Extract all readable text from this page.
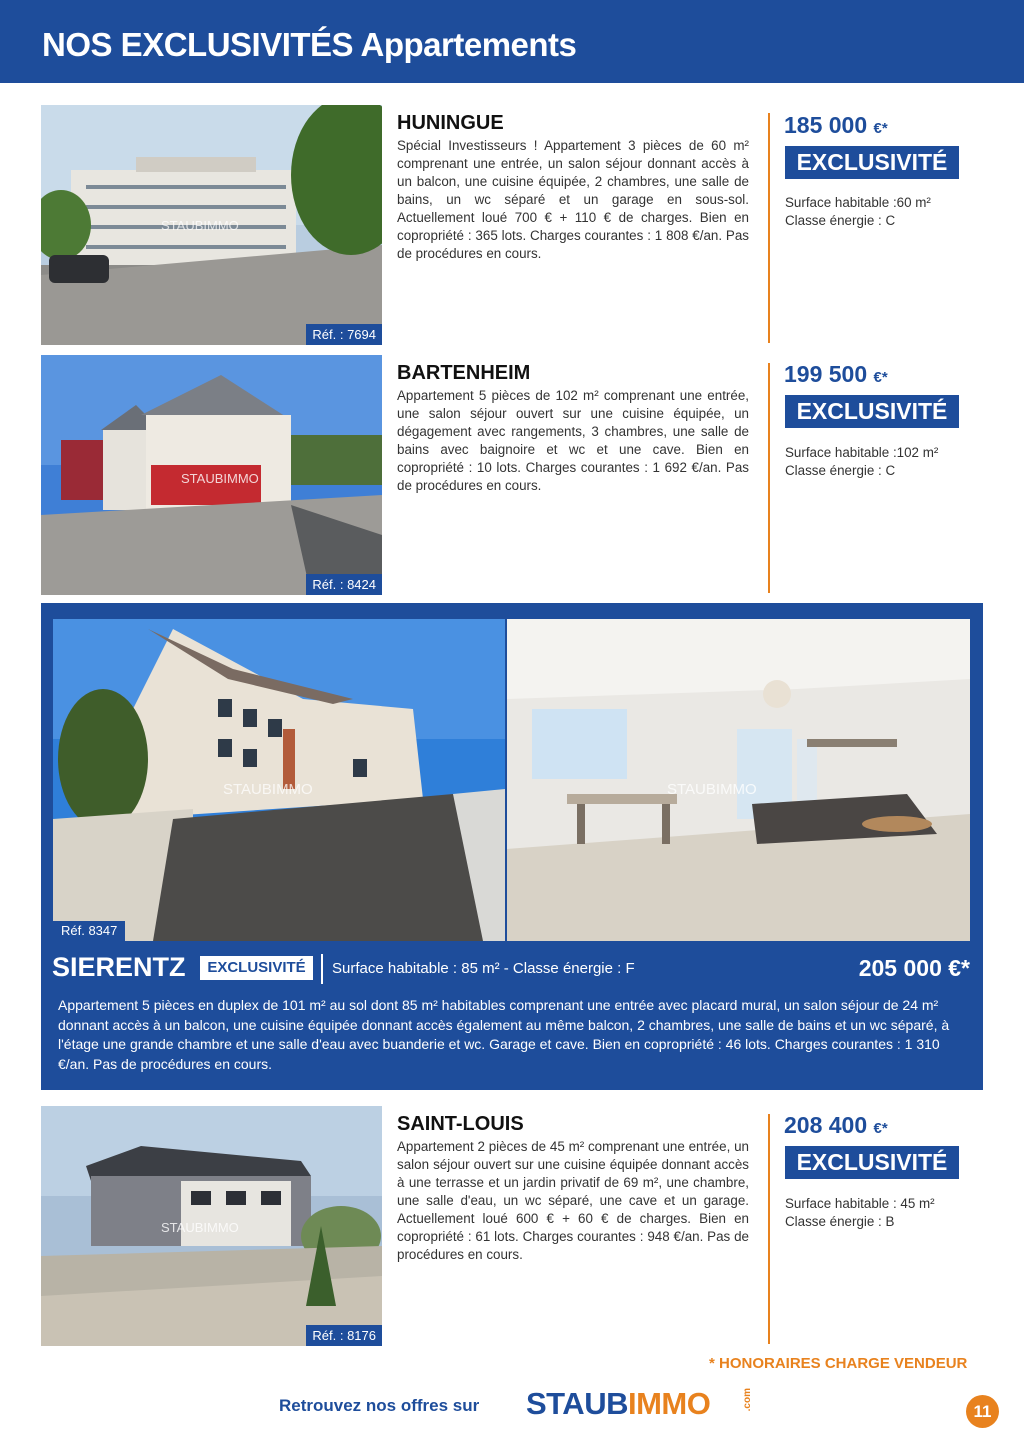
NOS EXCLUSIVITÉS Appartements
STAUBIMMO
Réf. : 7694
HUNINGUE
Spécial Investisseurs ! Appartement 3 pièces de 60 m² comprenant une entrée, un salon séjour donnant accès à un balcon, une cuisine équipée, 2 chambres, une salle de bains, un wc séparé et un garage en sous-sol. Actuellement loué 700 € + 110 € de charges. Bien en copropriété : 365 lots. Charges courantes : 1 808 €/an. Pas de procédures en cours.
185 000 €*
EXCLUSIVITÉ
Surface habitable :60 m²
Classe énergie : C
STAUBIMMO
Réf. : 8424
BARTENHEIM
Appartement 5 pièces de 102 m² comprenant une entrée, une salon séjour ouvert sur une cuisine équipée, un dégagement avec rangements, 3 chambres, une salle de bains avec baignoire et wc et une cave. Bien en copropriété : 10 lots. Charges courantes : 1 692 €/an. Pas de procédures en cours.
199 500 €*
EXCLUSIVITÉ
Surface habitable :102 m²
Classe énergie : C
STAUBIMMO	STAUBIMMO
Réf. 8347
SIERENTZ	EXCLUSIVITÉ	Surface habitable : 85 m² - Classe énergie : F	205 000 €*
Appartement 5 pièces en duplex de 101 m² au sol dont 85 m² habitables comprenant une entrée avec placard mural, un salon séjour de 24 m² donnant accès à un balcon, une cuisine équipée donnant accès également au même balcon, 2 chambres, une salle de bains et un wc séparé, à l'étage une grande chambre et une salle d'eau avec buanderie et wc. Garage et cave. Bien en copropriété : 46 lots. Charges courantes : 1 310 €/an. Pas de procédures en cours.
STAUBIMMO
Réf. : 8176
SAINT-LOUIS
Appartement 2 pièces de 45 m² comprenant une entrée, un salon séjour ouvert sur une cuisine équipée donnant accès à une terrasse et un jardin privatif de 69 m², une chambre, une salle d'eau, un wc séparé, une cave et un garage. Actuellement loué 600 € + 60 € de charges. Bien en copropriété : 61 lots. Charges courantes : 948 €/an. Pas de procédures en cours.
208 400 €*
EXCLUSIVITÉ
Surface habitable : 45 m²
Classe énergie : B
* HONORAIRES CHARGE VENDEUR
Retrouvez nos offres sur STAUBIMMO	.com
11
